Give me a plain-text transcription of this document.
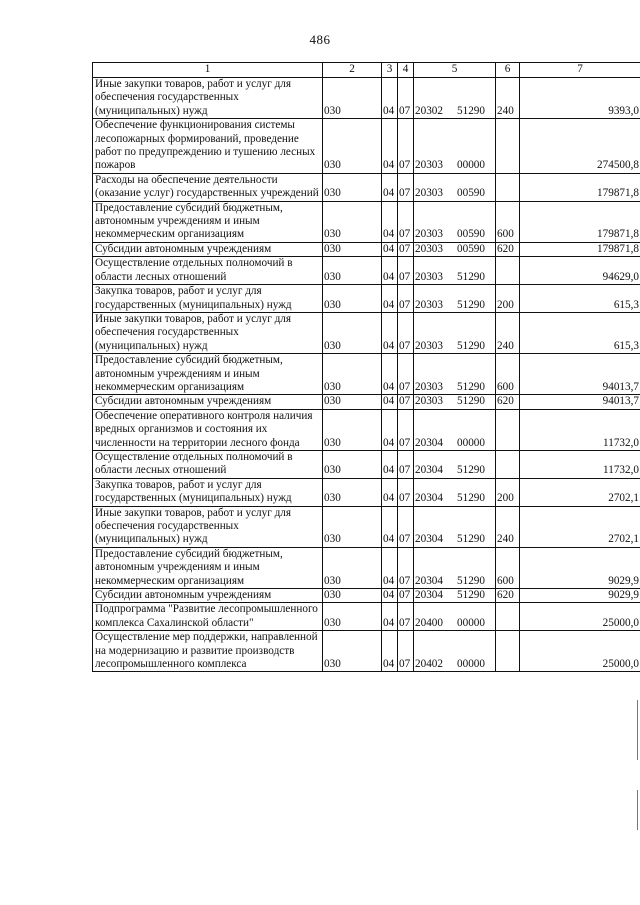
486
1	2	3	4	5	6	7
Иные закупки товаров, работ и услуг для обеспечения государственных (муниципальных) нужд	030	04	07	20302 51290	240	9393,0
Обеспечение функционирования системы лесопожарных формирований, проведение работ по предупреждению и тушению лесных пожаров	030	04	07	20303 00000		274500,8
Расходы на обеспечение деятельности (оказание услуг) государственных учреждений	030	04	07	20303 00590		179871,8
Предоставление субсидий бюджетным, автономным учреждениям и иным некоммерческим организациям	030	04	07	20303 00590	600	179871,8
Субсидии автономным учреждениям	030	04	07	20303 00590	620	179871,8
Осуществление отдельных полномочий в области лесных отношений	030	04	07	20303 51290		94629,0
Закупка товаров, работ и услуг для государственных (муниципальных) нужд	030	04	07	20303 51290	200	615,3
Иные закупки товаров, работ и услуг для обеспечения государственных (муниципальных) нужд	030	04	07	20303 51290	240	615,3
Предоставление субсидий бюджетным, автономным учреждениям и иным некоммерческим организациям	030	04	07	20303 51290	600	94013,7
Субсидии автономным учреждениям	030	04	07	20303 51290	620	94013,7
Обеспечение оперативного контроля наличия вредных организмов и состояния их численности на территории лесного фонда	030	04	07	20304 00000		11732,0
Осуществление отдельных полномочий в области лесных отношений	030	04	07	20304 51290		11732,0
Закупка товаров, работ и услуг для государственных (муниципальных) нужд	030	04	07	20304 51290	200	2702,1
Иные закупки товаров, работ и услуг для обеспечения государственных (муниципальных) нужд	030	04	07	20304 51290	240	2702,1
Предоставление субсидий бюджетным, автономным учреждениям и иным некоммерческим организациям	030	04	07	20304 51290	600	9029,9
Субсидии автономным учреждениям	030	04	07	20304 51290	620	9029,9
Подпрограмма "Развитие лесопромышленного комплекса Сахалинской области"	030	04	07	20400 00000		25000,0
Осуществление мер поддержки, направленной на модернизацию и развитие производств лесопромышленного комплекса	030	04	07	20402 00000		25000,0
